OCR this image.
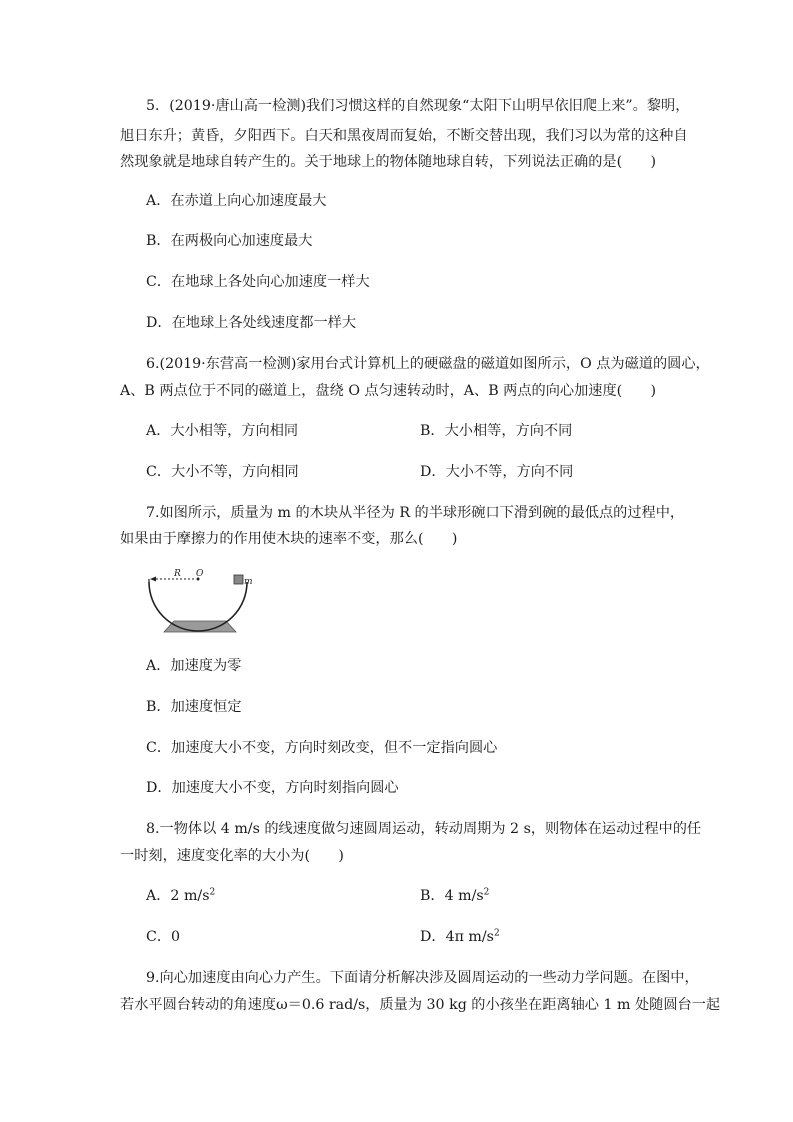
5．(2019·唐山高一检测)我们习惯这样的自然现象“太阳下山明早依旧爬上来”。黎明，
旭日东升；黄昏，夕阳西下。白天和黑夜周而复始，不断交替出现，我们习以为常的这种自
然现象就是地球自转产生的。关于地球上的物体随地球自转，下列说法正确的是(　　)
A．在赤道上向心加速度最大
B．在两极向心加速度最大
C．在地球上各处向心加速度一样大
D．在地球上各处线速度都一样大
6.(2019·东营高一检测)家用台式计算机上的硬磁盘的磁道如图所示，O 点为磁道的圆心，
A、B 两点位于不同的磁道上，盘绕 O 点匀速转动时，A、B 两点的向心加速度(　　)
A．大小相等，方向相同	B．大小相等，方向不同
C．大小不等，方向相同	D．大小不等，方向不同
7.如图所示，质量为 m 的木块从半径为 R 的半球形碗口下滑到碗的最低点的过程中，
如果由于摩擦力的作用使木块的速率不变，那么(　　)
R O
m
A．加速度为零
B．加速度恒定
C．加速度大小不变，方向时刻改变，但不一定指向圆心
D．加速度大小不变，方向时刻指向圆心
8.一物体以 4 m/s 的线速度做匀速圆周运动，转动周期为 2 s，则物体在运动过程中的任
一时刻，速度变化率的大小为(　　)
A．2 $m/s^2$	B．4 $m/s^2$
C．0	D．4π $m/s^2$
9.向心加速度由向心力产生。下面请分析解决涉及圆周运动的一些动力学问题。在图中，
若水平圆台转动的角速度ω＝0.6 rad/s，质量为 30 kg 的小孩坐在距离轴心 1 m 处随圆台一起
